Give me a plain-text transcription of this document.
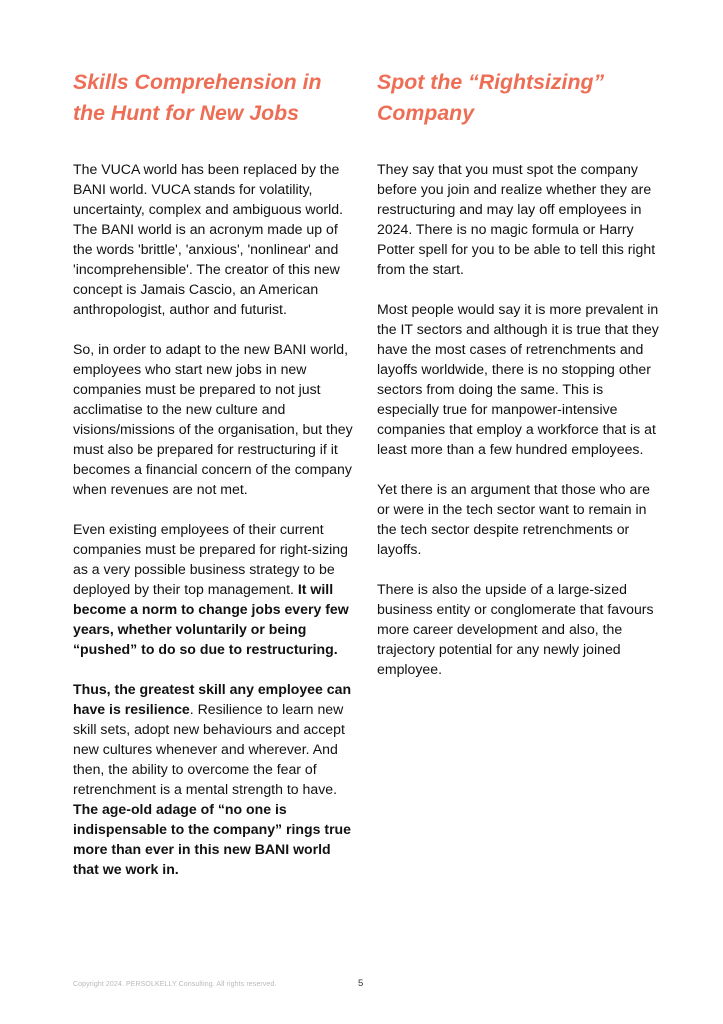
Skills Comprehension in
the Hunt for New Jobs
Spot the “Rightsizing”
Company

The VUCA world has been replaced by the BANI world. VUCA stands for volatility, uncertainty, complex and ambiguous world. The BANI world is an acronym made up of the words 'brittle', 'anxious', 'nonlinear' and 'incomprehensible'. The creator of this new concept is Jamais Cascio, an American anthropologist, author and futurist.

So, in order to adapt to the new BANI world, employees who start new jobs in new companies must be prepared to not just acclimatise to the new culture and visions/missions of the organisation, but they must also be prepared for restructuring if it becomes a financial concern of the company when revenues are not met.

Even existing employees of their current companies must be prepared for right-sizing as a very possible business strategy to be deployed by their top management. It will become a norm to change jobs every few years, whether voluntarily or being “pushed” to do so due to restructuring.

Thus, the greatest skill any employee can have is resilience. Resilience to learn new skill sets, adopt new behaviours and accept new cultures whenever and wherever. And then, the ability to overcome the fear of retrenchment is a mental strength to have. The age-old adage of “no one is indispensable to the company” rings true more than ever in this new BANI world that we work in.

They say that you must spot the company before you join and realize whether they are restructuring and may lay off employees in 2024. There is no magic formula or Harry Potter spell for you to be able to tell this right from the start.

Most people would say it is more prevalent in the IT sectors and although it is true that they have the most cases of retrenchments and layoffs worldwide, there is no stopping other sectors from doing the same. This is especially true for manpower-intensive companies that employ a workforce that is at least more than a few hundred employees.

Yet there is an argument that those who are or were in the tech sector want to remain in the tech sector despite retrenchments or layoffs.

There is also the upside of a large-sized business entity or conglomerate that favours more career development and also, the trajectory potential for any newly joined employee.

Copyright 2024. PERSOLKELLY Consulting. All rights reserved.	5
